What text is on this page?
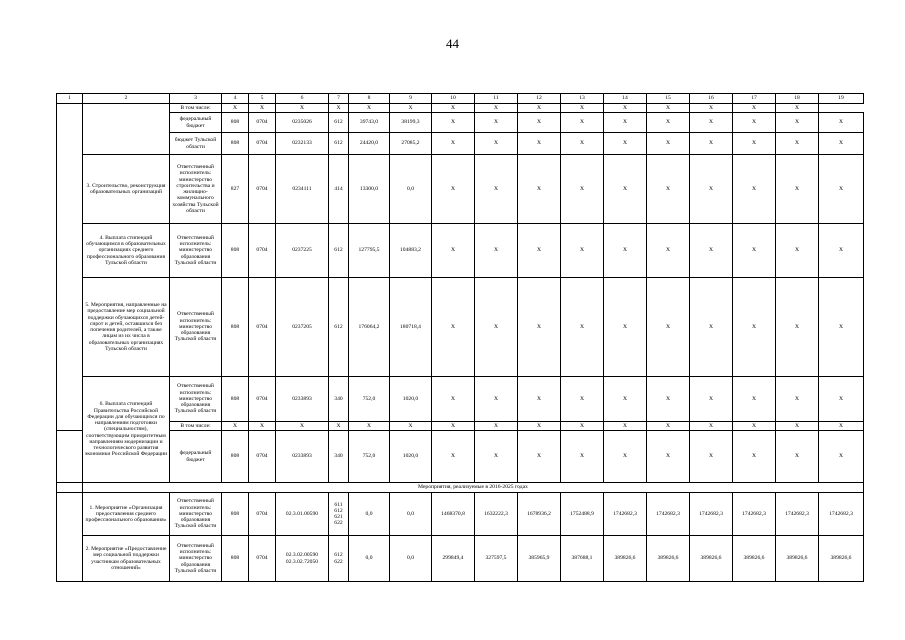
44
1	2	3	4	5	6	7	8	9	10	11	12	13	14	15	16	17	18	19
		В том числе:	X	X	X	X	X	X	X	X	X	X	X	X	X	X	X	
		федеральный бюджет	808	0704	0235026	612	39743,0	38199,3	X	X	X	X	X	X	X	X	X	X
		бюджет Тульской области	808	0704	0232133	612	24420,0	27085,2	X	X	X	X	X	X	X	X	X	X
	3. Строительство, реконструкция образовательных организаций	Ответственный исполнитель: министерство строительства и жилищно-коммунального хозяйства Тульской области	827	0704	0234111	414	13300,0	0,0	X	X	X	X	X	X	X	X	X	X
	4. Выплата стипендий обучающимся в образовательных организациях среднего профессионального образования Тульской области	Ответственный исполнитель: министерство образования Тульской области	808	0704	0237225	612	127795,5	104883,2	X	X	X	X	X	X	X	X	X	X
	5. Мероприятия, направленные на предоставление мер социальной поддержки обучающихся детей-сирот и детей, оставшихся без попечения родителей, а также лицам из их числа в образовательных организациях Тульской области	Ответственный исполнитель: министерство образования Тульской области	808	0704	0237205	612	176064,2	180718,4	X	X	X	X	X	X	X	X	X	X
	6. Выплата стипендий Правительства Российской Федерации для обучающихся по направлениям подготовки (специальностям), соответствующим приоритетным направлениям модернизации и технологического развития экономики Российской Федерации	Ответственный исполнитель: министерство образования Тульской области	808	0704	0233893	340	752,0	1020,0	X	X	X	X	X	X	X	X	X	X
		В том числе:	X	X	X	X	X	X	X	X	X	X	X	X	X	X	X	X
		федеральный бюджет	808	0704	0233893	340	752,0	1020,0	X	X	X	X	X	X	X	X	X	X
	Мероприятия, реализуемые в 2016-2025 годах																	
	1. Мероприятие «Организация предоставления среднего профессионального образования»	Ответственный исполнитель: министерство образования Тульской области	808	0704	02.3.01.00590	611
612
621
622	0,0	0,0	1468370,8	1632222,3	1678936,2	1752488,9	1742682,3	1742682,3	1742682,3	1742682,3	1742682,3	1742682,3
	2. Мероприятие «Предоставление мер социальной поддержки участникам образовательных отношений»	Ответственный исполнитель: министерство образования Тульской области	808	0704	02.3.02.00590
02.3.02.72050	612
622	0,0	0,0	299849,4	327597,5	385965,9	387688,1	389826,6	389826,6	389826,6	389826,6	389826,6	389826,6
